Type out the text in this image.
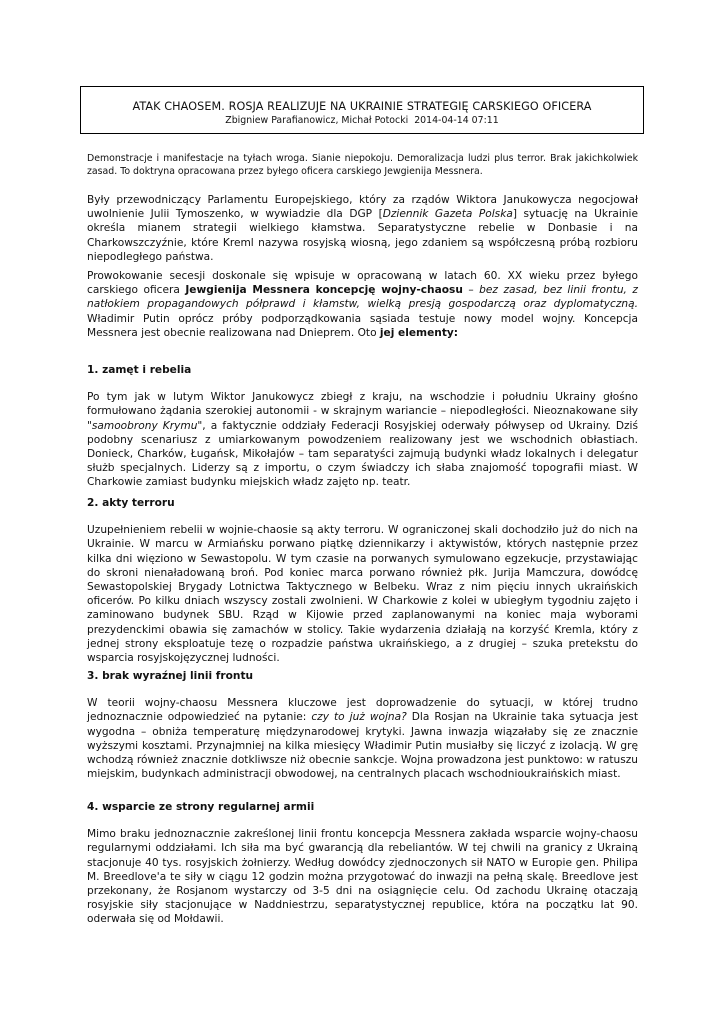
ATAK CHAOSEM. ROSJA REALIZUJE NA UKRAINIE STRATEGIĘ CARSKIEGO OFICERA
Zbigniew Parafianowicz, Michał Potocki 2014-04-14 07:11
Demonstracje i manifestacje na tyłach wroga. Sianie niepokoju. Demoralizacja ludzi plus terror. Brak jakichkolwiek zasad. To doktryna opracowana przez byłego oficera carskiego Jewgienija Messnera.
Były przewodniczący Parlamentu Europejskiego, który za rządów Wiktora Janukowycza negocjował uwolnienie Julii Tymoszenko, w wywiadzie dla DGP [Dziennik Gazeta Polska] sytuację na Ukrainie określa mianem strategii wielkiego kłamstwa. Separatystyczne rebelie w Donbasie i na Charkowszczyźnie, które Kreml nazywa rosyjską wiosną, jego zdaniem są współczesną próbą rozbioru niepodległego państwa.
Prowokowanie secesji doskonale się wpisuje w opracowaną w latach 60. XX wieku przez byłego carskiego oficera Jewgienija Messnera koncepcję wojny-chaosu – bez zasad, bez linii frontu, z natłokiem propagandowych półprawd i kłamstw, wielką presją gospodarczą oraz dyplomatyczną. Władimir Putin oprócz próby podporządkowania sąsiada testuje nowy model wojny. Koncepcja Messnera jest obecnie realizowana nad Dnieprem. Oto jej elementy:

1. zamęt i rebelia

Po tym jak w lutym Wiktor Janukowycz zbiegł z kraju, na wschodzie i południu Ukrainy głośno formułowano żądania szerokiej autonomii - w skrajnym wariancie – niepodległości. Nieoznakowane siły "samoobrony Krymu", a faktycznie oddziały Federacji Rosyjskiej oderwały półwysep od Ukrainy. Dziś podobny scenariusz z umiarkowanym powodzeniem realizowany jest we wschodnich obłastiach. Donieck, Charków, Ługańsk, Mikołajów – tam separatyści zajmują budynki władz lokalnych i delegatur służb specjalnych. Liderzy są z importu, o czym świadczy ich słaba znajomość topografii miast. W Charkowie zamiast budynku miejskich władz zajęto np. teatr.

2. akty terroru

Uzupełnieniem rebelii w wojnie-chaosie są akty terroru. W ograniczonej skali dochodziło już do nich na Ukrainie. W marcu w Armiańsku porwano piątkę dziennikarzy i aktywistów, których następnie przez kilka dni więziono w Sewastopolu. W tym czasie na porwanych symulowano egzekucje, przystawiając do skroni nienaładowaną broń. Pod koniec marca porwano również płk. Jurija Mamczura, dowódcę Sewastopolskiej Brygady Lotnictwa Taktycznego w Belbeku. Wraz z nim pięciu innych ukraińskich oficerów. Po kilku dniach wszyscy zostali zwolnieni. W Charkowie z kolei w ubiegłym tygodniu zajęto i zaminowano budynek SBU. Rząd w Kijowie przed zaplanowanymi na koniec maja wyborami prezydenckimi obawia się zamachów w stolicy. Takie wydarzenia działają na korzyść Kremla, który z jednej strony eksploatuje tezę o rozpadzie państwa ukraińskiego, a z drugiej – szuka pretekstu do wsparcia rosyjskojęzycznej ludności.

3. brak wyraźnej linii frontu

W teorii wojny-chaosu Messnera kluczowe jest doprowadzenie do sytuacji, w której trudno jednoznacznie odpowiedzieć na pytanie: czy to już wojna? Dla Rosjan na Ukrainie taka sytuacja jest wygodna – obniża temperaturę międzynarodowej krytyki. Jawna inwazja wiązałaby się ze znacznie wyższymi kosztami. Przynajmniej na kilka miesięcy Władimir Putin musiałby się liczyć z izolacją. W grę wchodzą również znacznie dotkliwsze niż obecnie sankcje. Wojna prowadzona jest punktowo: w ratuszu miejskim, budynkach administracji obwodowej, na centralnych placach wschodnioukraińskich miast.

4. wsparcie ze strony regularnej armii

Mimo braku jednoznacznie zakreślonej linii frontu koncepcja Messnera zakłada wsparcie wojny-chaosu regularnymi oddziałami. Ich siła ma być gwarancją dla rebeliantów. W tej chwili na granicy z Ukrainą stacjonuje 40 tys. rosyjskich żołnierzy. Według dowódcy zjednoczonych sił NATO w Europie gen. Philipa M. Breedlove'a te siły w ciągu 12 godzin można przygotować do inwazji na pełną skalę. Breedlove jest przekonany, że Rosjanom wystarczy od 3-5 dni na osiągnięcie celu. Od zachodu Ukrainę otaczają rosyjskie siły stacjonujące w Naddniestrzu, separatystycznej republice, która na początku lat 90. oderwała się od Mołdawii.
